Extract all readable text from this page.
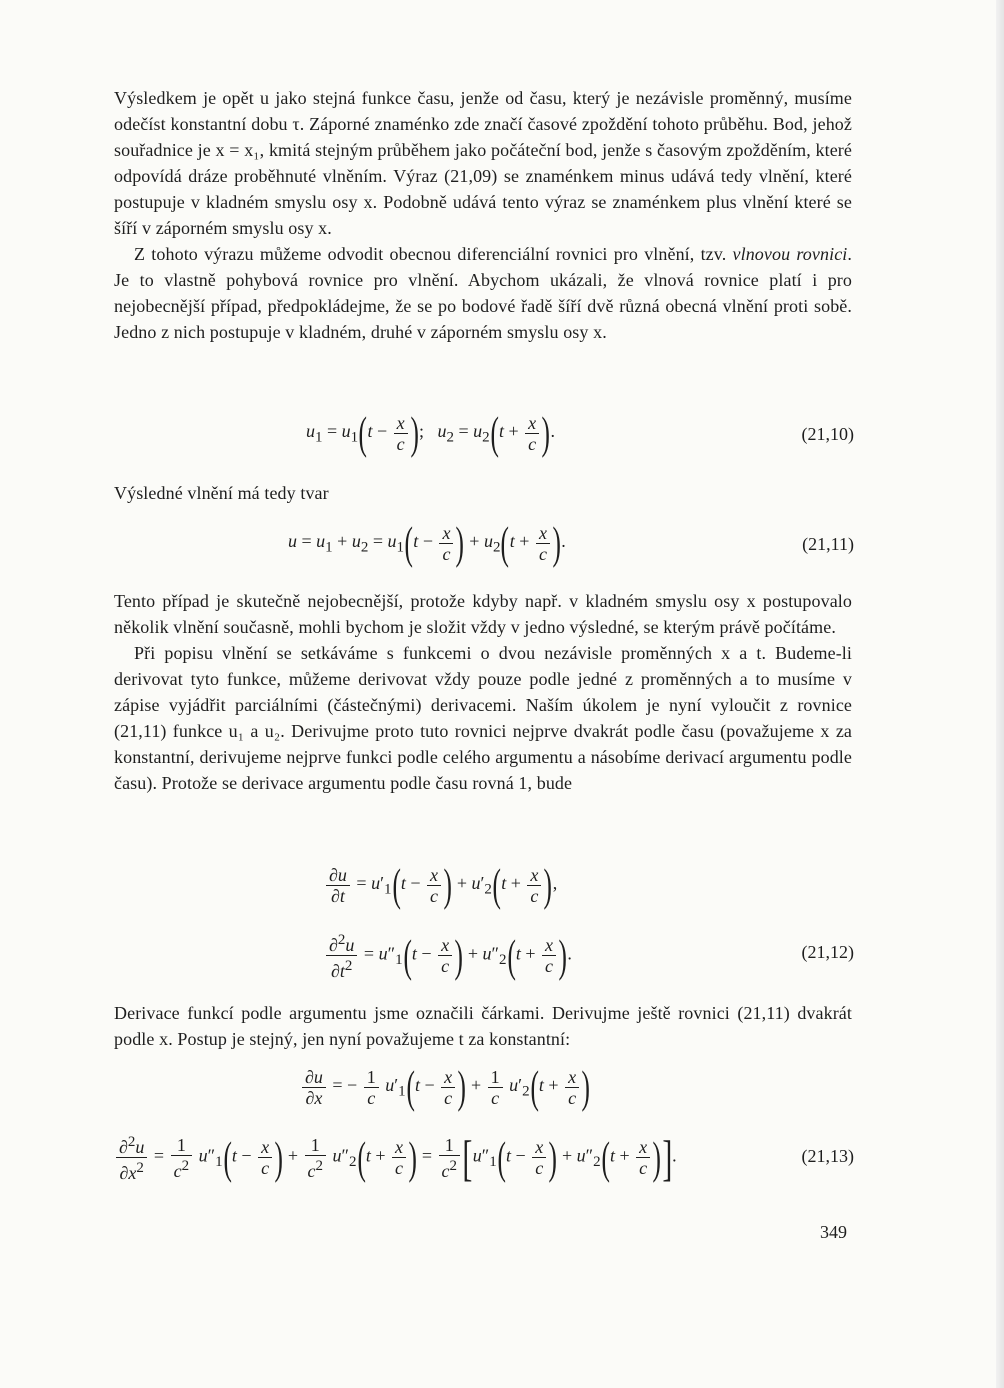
Výsledkem je opět u jako stejná funkce času, jenže od času, který je nezávisle proměnný, musíme odečíst konstantní dobu τ. Záporné znaménko zde značí časové zpoždění tohoto průběhu. Bod, jehož souřadnice je x = x₁, kmitá stejným průběhem jako počáteční bod, jenže s časovým zpožděním, které odpovídá dráze proběhnuté vlněním. Výraz (21,09) se znaménkem minus udává tedy vlnění, které postupuje v kladném smyslu osy x. Podobně udává tento výraz se znaménkem plus vlnění které se šíří v záporném smyslu osy x.

Z tohoto výrazu můžeme odvodit obecnou diferenciální rovnici pro vlnění, tzv. vlnovou rovnici. Je to vlastně pohybová rovnice pro vlnění. Abychom ukázali, že vlnová rovnice platí i pro nejobecnější případ, předpokládejme, že se po bodové řadě šíří dvě různá obecná vlnění proti sobě. Jedno z nich postupuje v kladném, druhé v záporném smyslu osy x.

$u_1 = u_1(t - \frac{x}{c}$ );   $u_2 = u_2(t + \frac{x}{c}$ ).	(21,10)

Výsledné vlnění má tedy tvar

$u = u_1 + u_2 = u_1(t - \frac{x}{c}$ ) + $u_2(t + \frac{x}{c}$ ).	(21,11)

Tento případ je skutečně nejobecnější, protože kdyby např. v kladném smyslu osy x postupovalo několik vlnění současně, mohli bychom je složit vždy v jedno výsledné, se kterým právě počítáme.

Při popisu vlnění se setkáváme s funkcemi o dvou nezávisle proměnných x a t. Budeme-li derivovat tyto funkce, můžeme derivovat vždy pouze podle jedné z proměnných a to musíme v zápise vyjádřit parciálními (částečnými) derivacemi. Naším úkolem je nyní vyloučit z rovnice (21,11) funkce u₁ a u₂. Derivujme proto tuto rovnici nejprve dvakrát podle času (považujeme x za konstantní, derivujeme nejprve funkci podle celého argumentu a násobíme derivací argumentu podle času). Protože se derivace argumentu podle času rovná 1, bude

$\frac{\partial u}{\partial t} = u'_1(t - \frac{x}{c}$ ) + $u'_2(t + \frac{x}{c}$ ),
$\frac{\partial^2u}{\partial t^2} = u''_1(t - \frac{x}{c}$ ) + $u''_2(t + \frac{x}{c}$ ).	(21,12)

Derivace funkcí podle argumentu jsme označili čárkami. Derivujme ještě rovnici (21,11) dvakrát podle x. Postup je stejný, jen nyní považujeme t za konstantní:

$\frac{\partial u}{\partial x}$ = − $\frac{1}{c} u'_1(t - \frac{x}{c}$ ) + $\frac{1}{c} u'_2(t + \frac{x}{c}$ )
$\frac{\partial^2u}{\partial x^2} = \frac{1}{c^2} u''_1(t - \frac{x}{c}$ ) + $\frac{1}{c^2} u''_2(t + \frac{x}{c}$ ) = $\frac{1}{c^2} [u''_1(t - \frac{x}{c}$ ) + $u''_2(t + \frac{x}{c}$ )].	(21,13)
349
